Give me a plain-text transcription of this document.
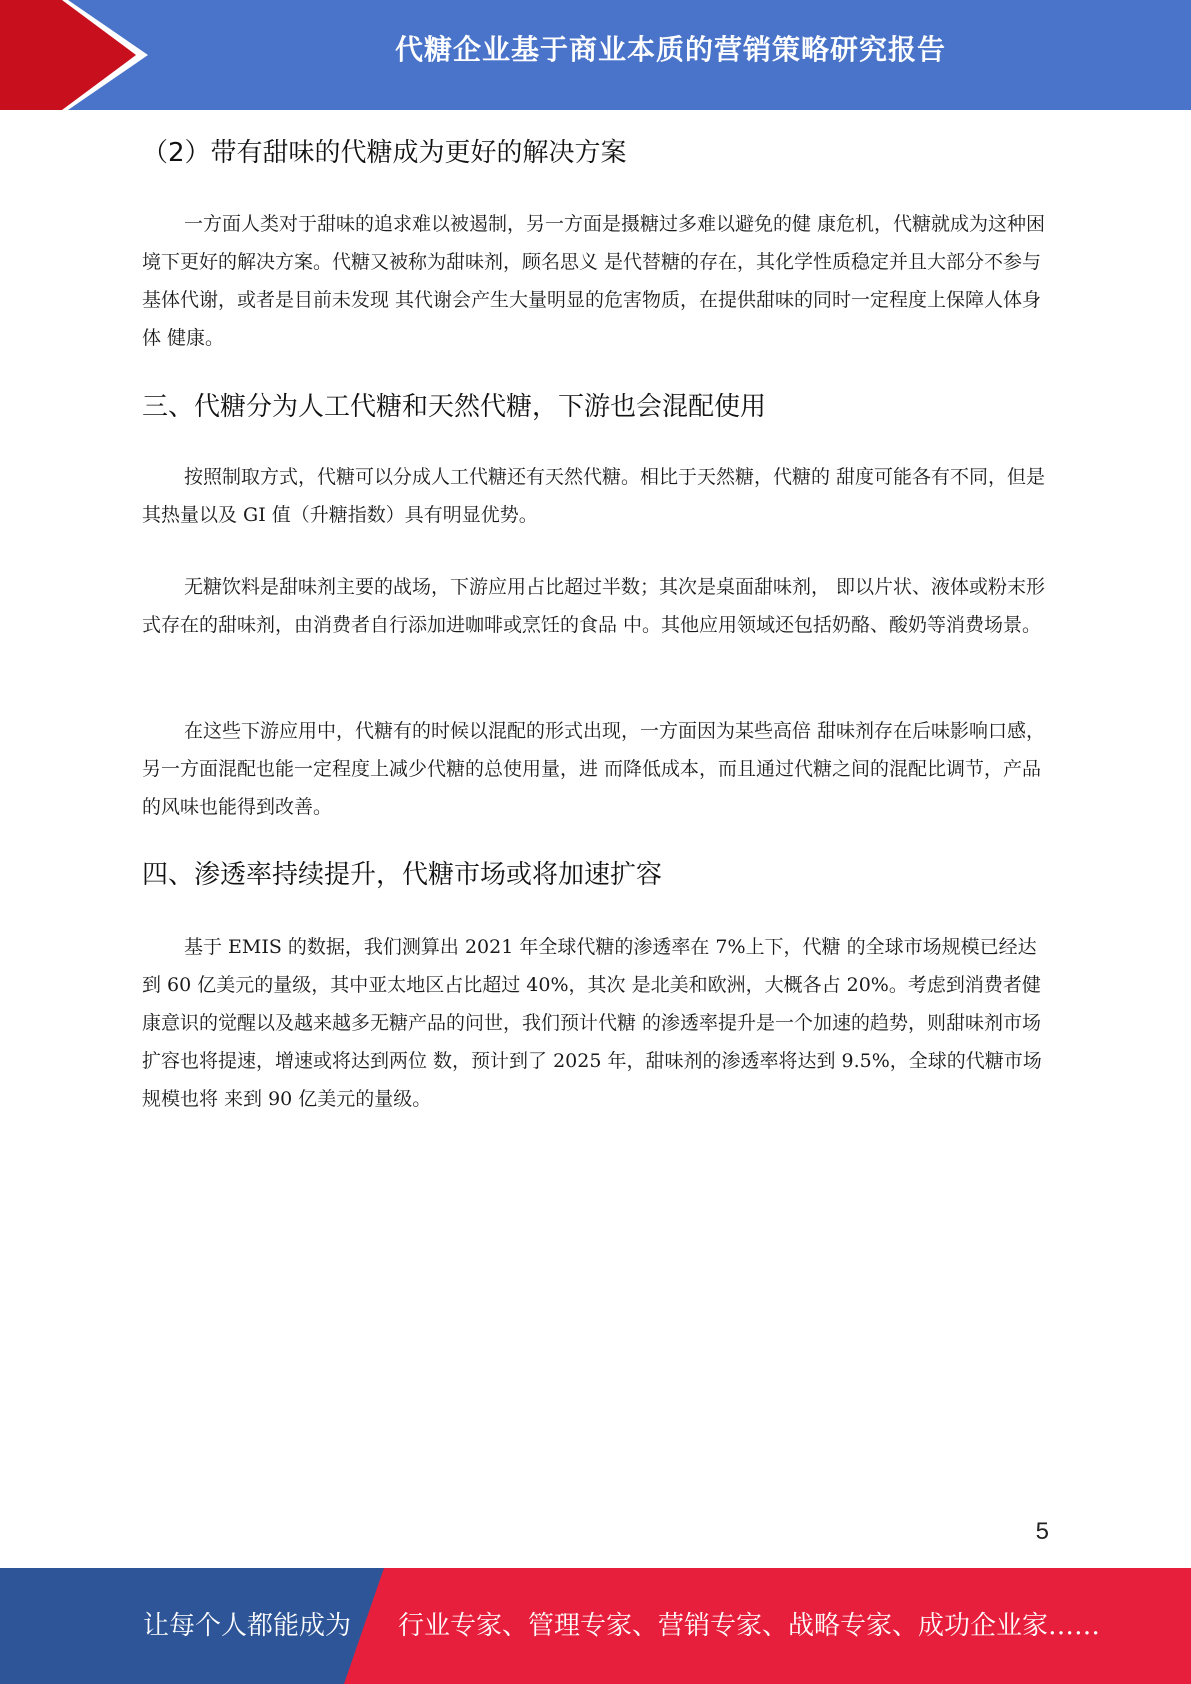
代糖企业基于商业本质的营销策略研究报告
（2）带有甜味的代糖成为更好的解决方案

一方面人类对于甜味的追求难以被遏制，另一方面是摄糖过多难以避免的健 康危机，代糖就成为这种困境下更好的解决方案。代糖又被称为甜味剂，顾名思义 是代替糖的存在，其化学性质稳定并且大部分不参与基体代谢，或者是目前未发现 其代谢会产生大量明显的危害物质，在提供甜味的同时一定程度上保障人体身体 健康。

三、代糖分为人工代糖和天然代糖，下游也会混配使用

按照制取方式，代糖可以分成人工代糖还有天然代糖。相比于天然糖，代糖的 甜度可能各有不同，但是其热量以及 GI 值（升糖指数）具有明显优势。

无糖饮料是甜味剂主要的战场，下游应用占比超过半数；其次是桌面甜味剂， 即以片状、液体或粉末形式存在的甜味剂，由消费者自行添加进咖啡或烹饪的食品 中。其他应用领域还包括奶酪、酸奶等消费场景。

在这些下游应用中，代糖有的时候以混配的形式出现，一方面因为某些高倍 甜味剂存在后味影响口感，另一方面混配也能一定程度上减少代糖的总使用量，进 而降低成本，而且通过代糖之间的混配比调节，产品的风味也能得到改善。

四、渗透率持续提升，代糖市场或将加速扩容

基于 EMIS 的数据，我们测算出 2021 年全球代糖的渗透率在 7%上下，代糖 的全球市场规模已经达到 60 亿美元的量级，其中亚太地区占比超过 40%，其次 是北美和欧洲，大概各占 20%。考虑到消费者健康意识的觉醒以及越来越多无糖产品的问世，我们预计代糖 的渗透率提升是一个加速的趋势，则甜味剂市场扩容也将提速，增速或将达到两位 数，预计到了 2025 年，甜味剂的渗透率将达到 9.5%，全球的代糖市场规模也将 来到 90 亿美元的量级。

5
让每个人都能成为 行业专家、管理专家、营销专家、战略专家、成功企业家……
